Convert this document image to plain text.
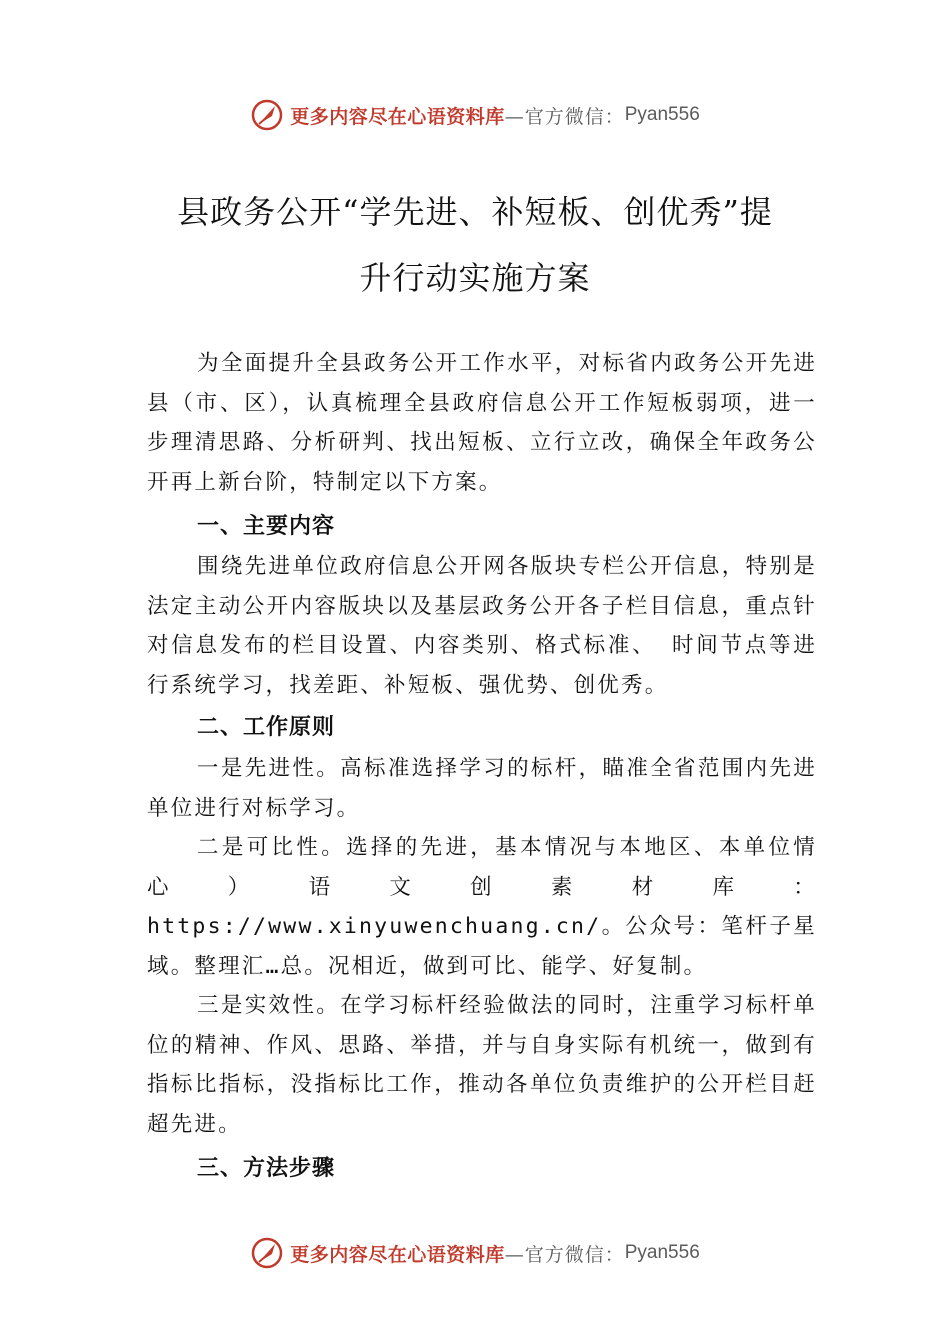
更多内容尽在心语资料库 —官方微信： Pyan556
县政务公开“学先进、补短板、创优秀”提
升行动实施方案

为全面提升全县政务公开工作水平，对标省内政务公开先进县（市、区），认真梳理全县政府信息公开工作短板弱项，进一步理清思路、分析研判、找出短板、立行立改，确保全年政务公开再上新台阶，特制定以下方案。

一、主要内容

围绕先进单位政府信息公开网各版块专栏公开信息，特别是法定主动公开内容版块以及基层政务公开各子栏目信息，重点针对信息发布的栏目设置、内容类别、格式标准、 时间节点等进行系统学习，找差距、补短板、强优势、创优秀。

二、工作原则

一是先进性。高标准选择学习的标杆，瞄准全省范围内先进单位进行对标学习。

二是可比性。选择的先进，基本情况与本地区、本单位情心）语文创素材库：https://www.xinyuwenchuang.cn/。公众号：笔杆子星域。整理汇…总。况相近，做到可比、能学、好复制。

三是实效性。在学习标杆经验做法的同时，注重学习标杆单位的精神、作风、思路、举措，并与自身实际有机统一，做到有指标比指标，没指标比工作，推动各单位负责维护的公开栏目赶超先进。

三、方法步骤
更多内容尽在心语资料库 —官方微信： Pyan556
